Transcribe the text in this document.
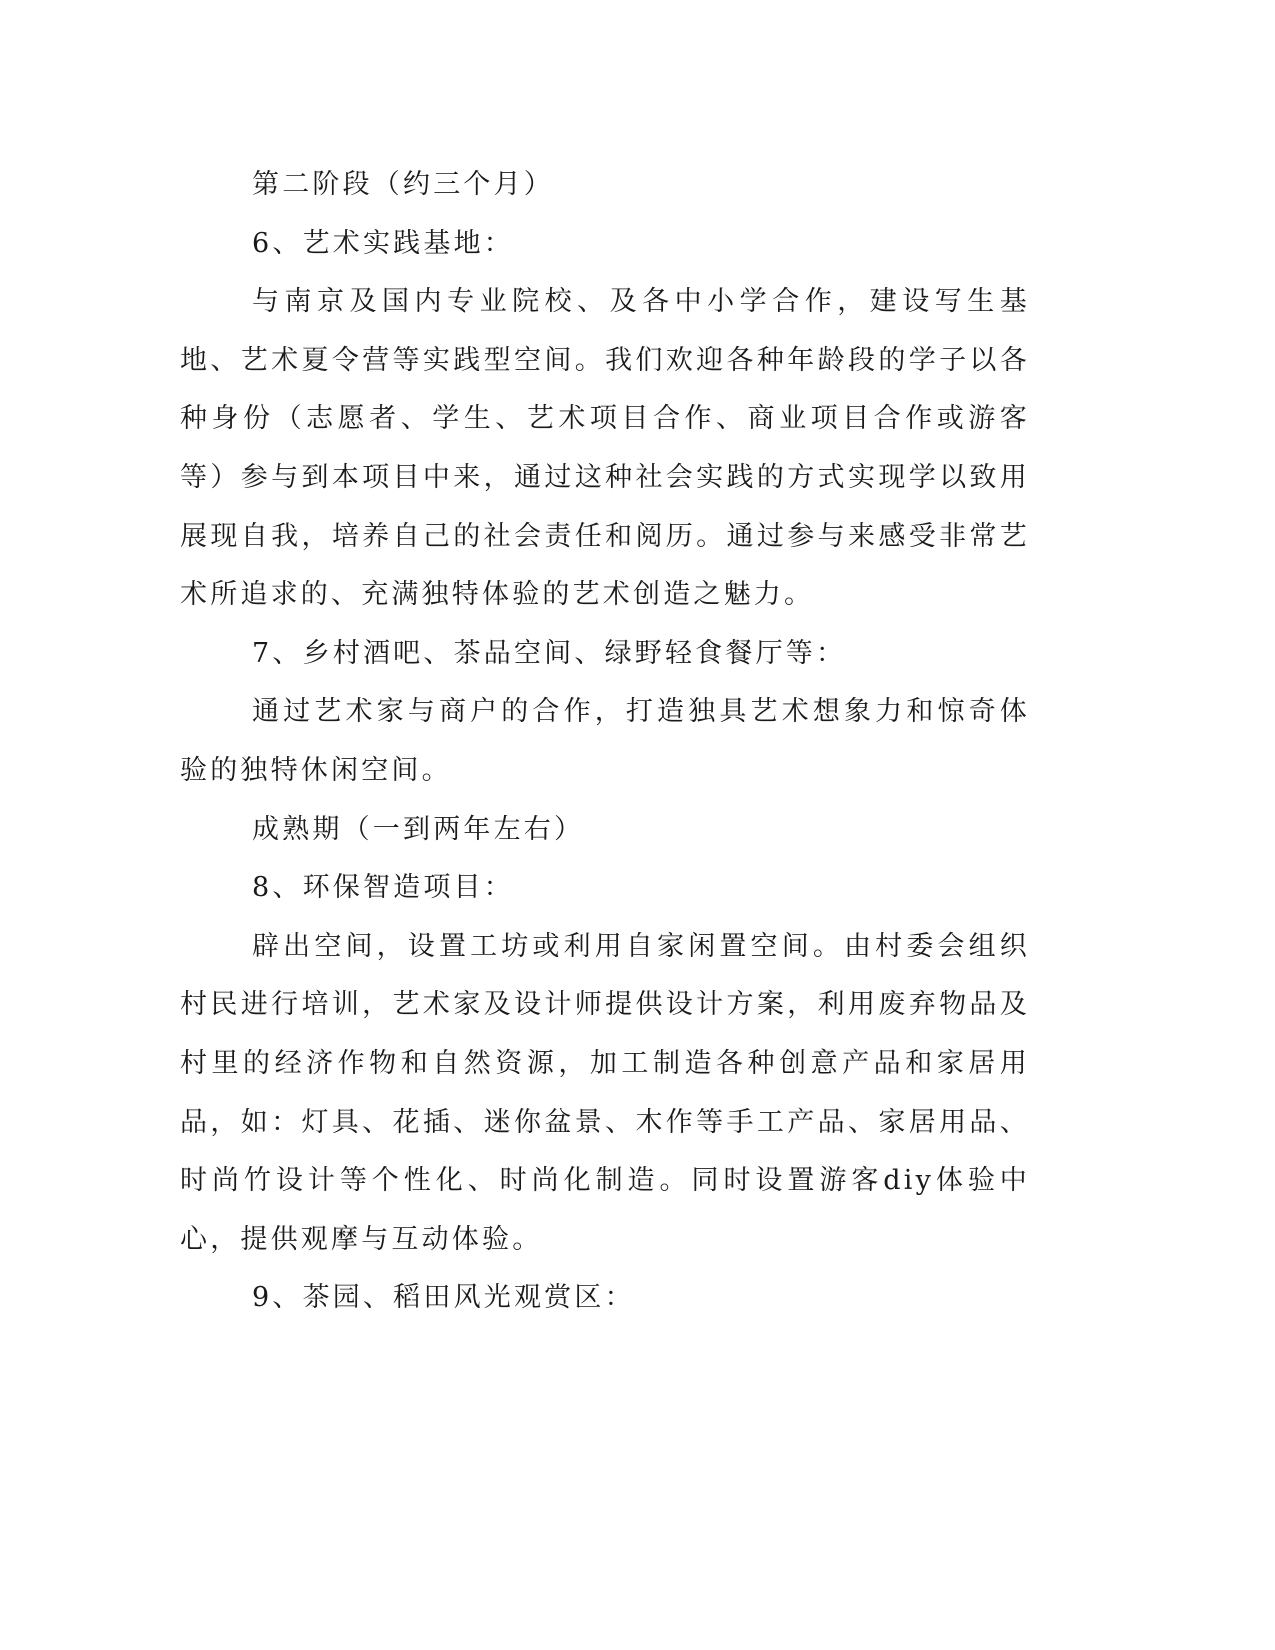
第二阶段（约三个月）

6、艺术实践基地：

与南京及国内专业院校、及各中小学合作，建设写生基地、艺术夏令营等实践型空间。我们欢迎各种年龄段的学子以各种身份（志愿者、学生、艺术项目合作、商业项目合作或游客等）参与到本项目中来，通过这种社会实践的方式实现学以致用展现自我，培养自己的社会责任和阅历。通过参与来感受非常艺术所追求的、充满独特体验的艺术创造之魅力。

7、乡村酒吧、茶品空间、绿野轻食餐厅等：

通过艺术家与商户的合作，打造独具艺术想象力和惊奇体验的独特休闲空间。

成熟期（一到两年左右）

8、环保智造项目：

辟出空间，设置工坊或利用自家闲置空间。由村委会组织村民进行培训，艺术家及设计师提供设计方案，利用废弃物品及村里的经济作物和自然资源，加工制造各种创意产品和家居用品，如：灯具、花插、迷你盆景、木作等手工产品、家居用品、时尚竹设计等个性化、时尚化制造。同时设置游客diy体验中心，提供观摩与互动体验。

9、茶园、稻田风光观赏区：
